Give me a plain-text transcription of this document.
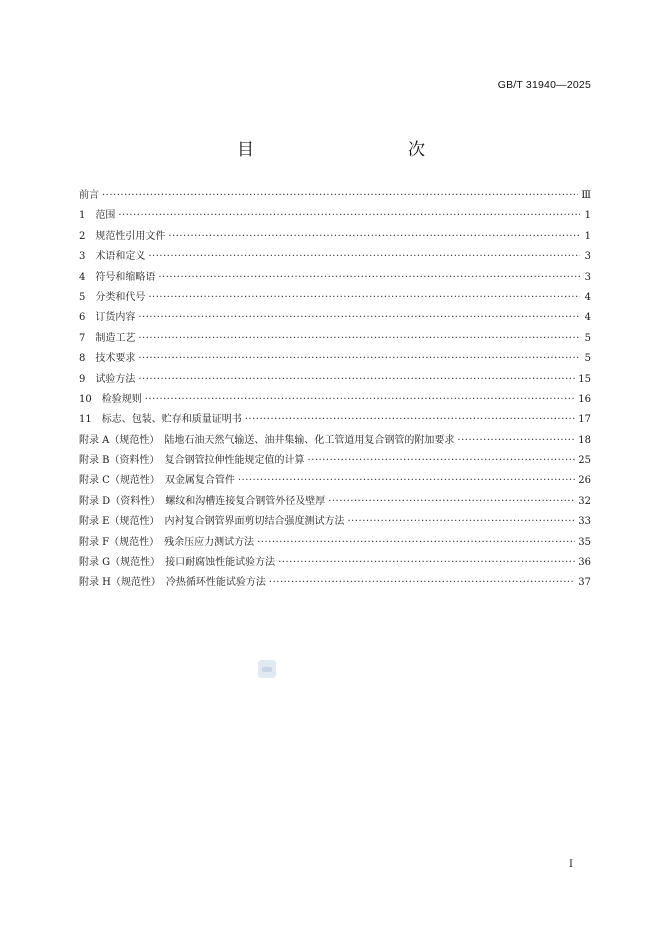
GB/T 31940—2025
目　　次
前言 ·····	Ⅲ
1　范围 ·····	1
2　规范性引用文件 ·····	1
3　术语和定义 ·····	3
4　符号和缩略语 ·····	3
5　分类和代号 ·····	4
6　订货内容 ·····	4
7　制造工艺 ·····	5
8　技术要求 ·····	5
9　试验方法 ·····	15
10　检验规则 ·····	16
11　标志、包装、贮存和质量证明书 ·····	17
附录 A（规范性）　陆地石油天然气输送、油井集输、化工管道用复合钢管的附加要求 ·····	18
附录 B（资料性）　复合钢管拉伸性能规定值的计算 ·····	25
附录 C（规范性）　双金属复合管件 ·····	26
附录 D（资料性）　螺纹和沟槽连接复合钢管外径及壁厚 ·····	32
附录 E（规范性）　内衬复合钢管界面剪切结合强度测试方法 ·····	33
附录 F（规范性）　残余压应力测试方法 ·····	35
附录 G（规范性）　接口耐腐蚀性能试验方法 ·····	36
附录 H（规范性）　冷热循环性能试验方法 ·····	37
I
